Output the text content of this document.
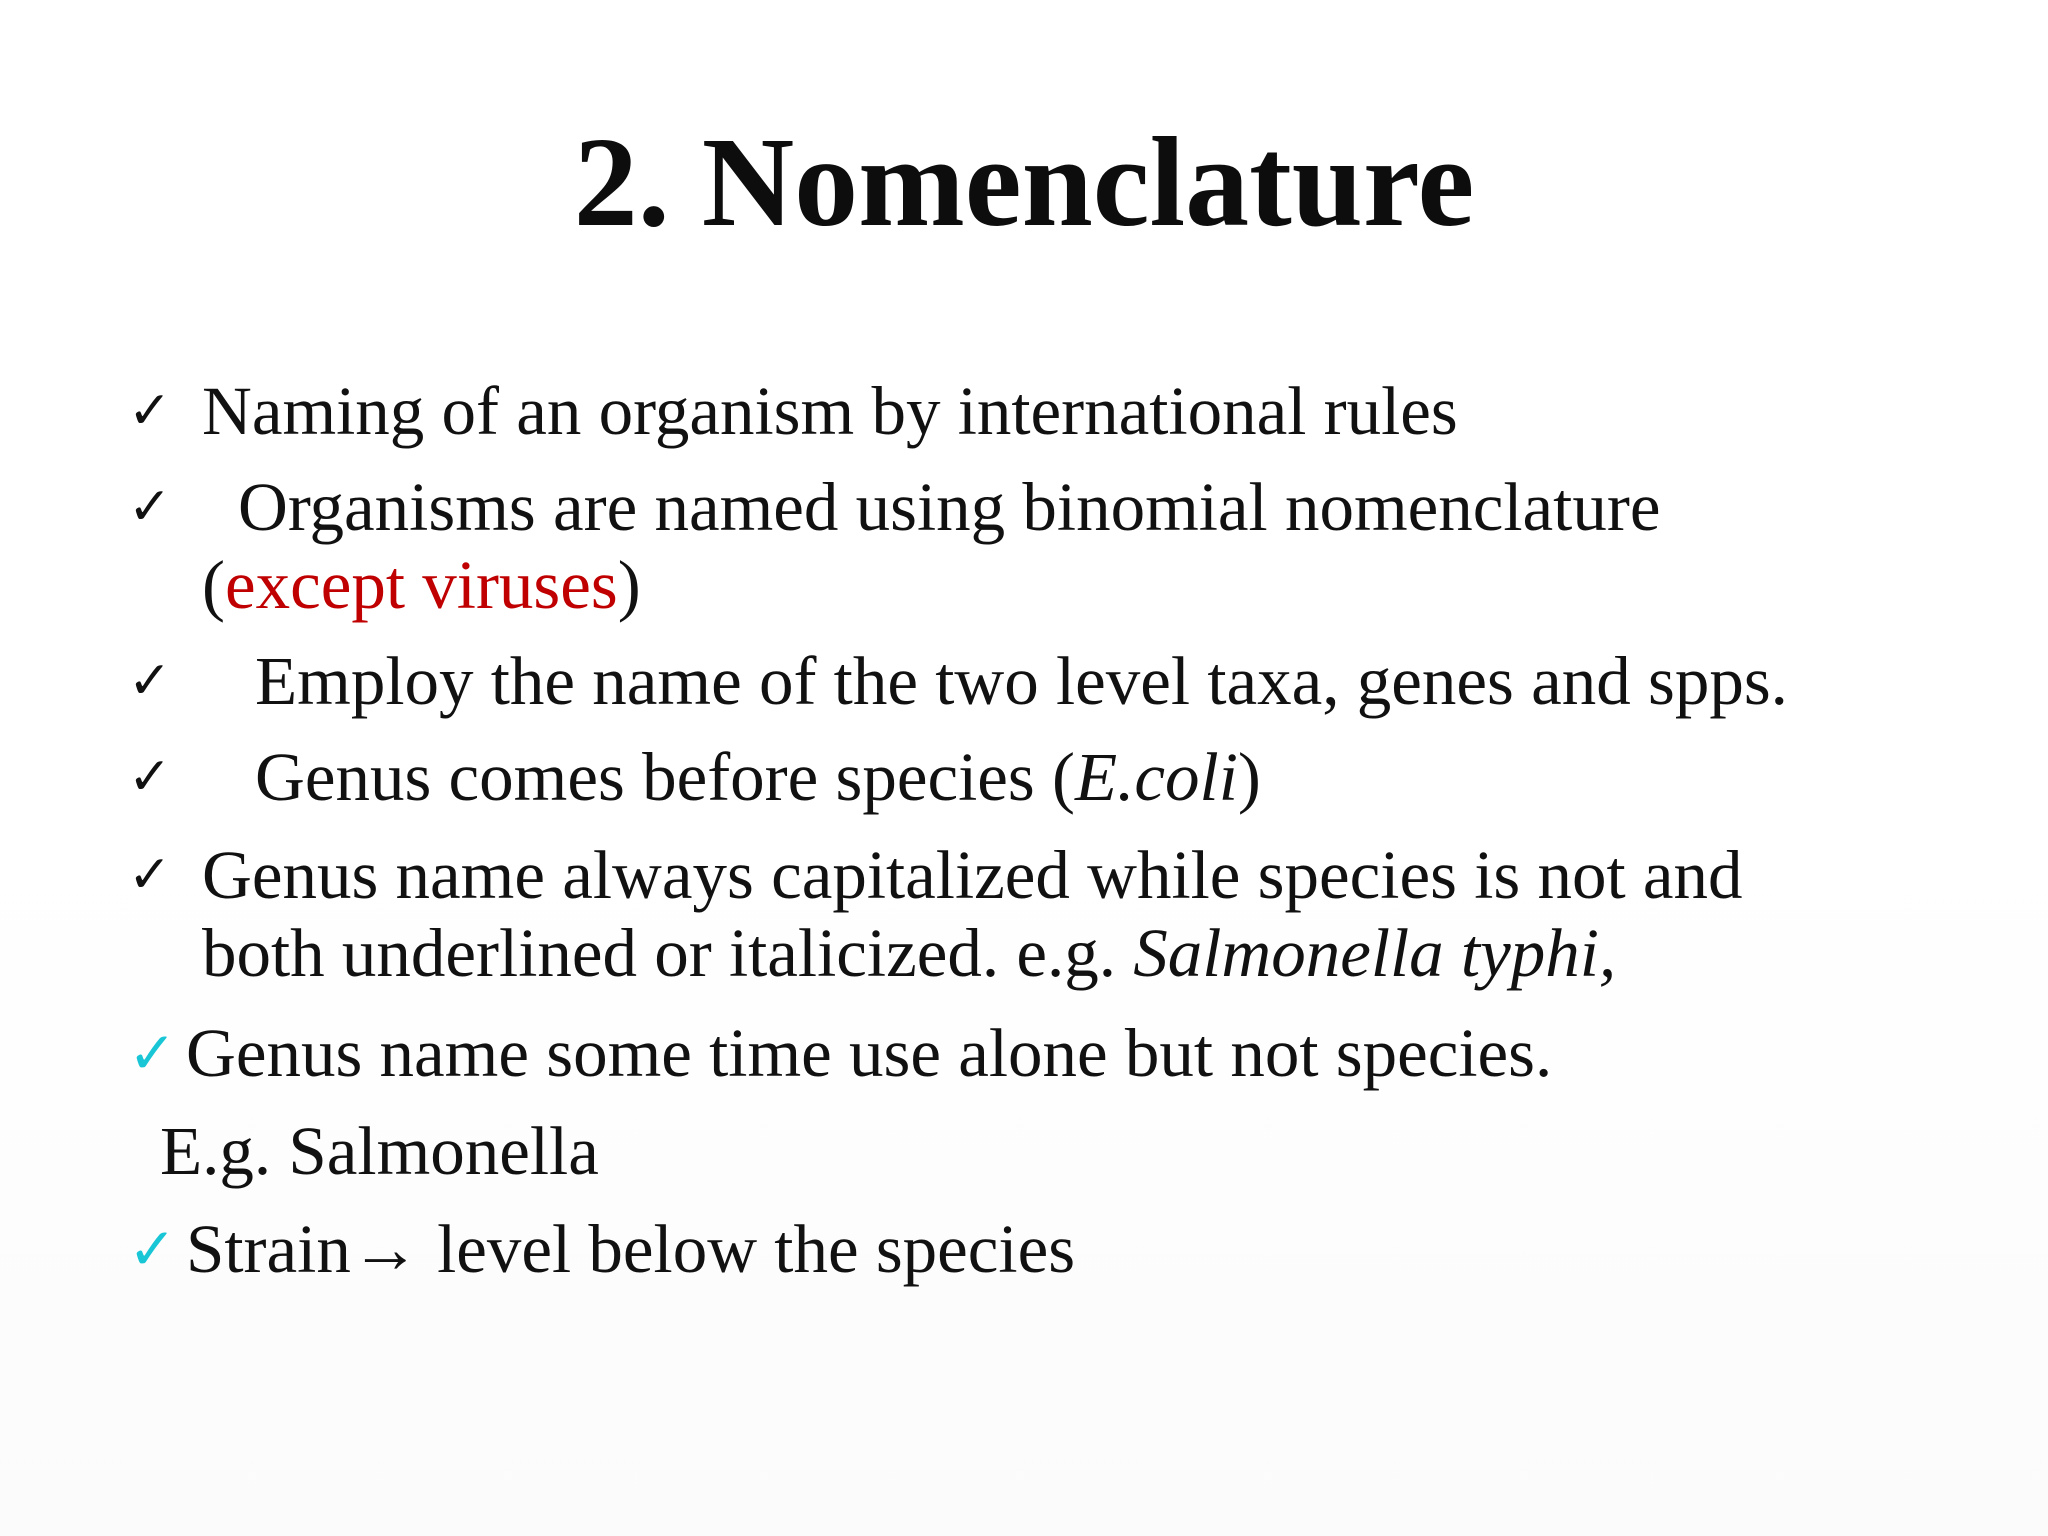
2. Nomenclature
✓ Naming of an organism by international rules
✓ Organisms are named using binomial nomenclature
(except viruses)
✓ Employ the name of the two level taxa, genes and spps.
✓ Genus comes before species (E.coli)
✓ Genus name always capitalized while species is not and
both underlined or italicized. e.g. Salmonella typhi,
✓ Genus name some time use alone but not species.
E.g. Salmonella
✓ Strain→ level below the species
